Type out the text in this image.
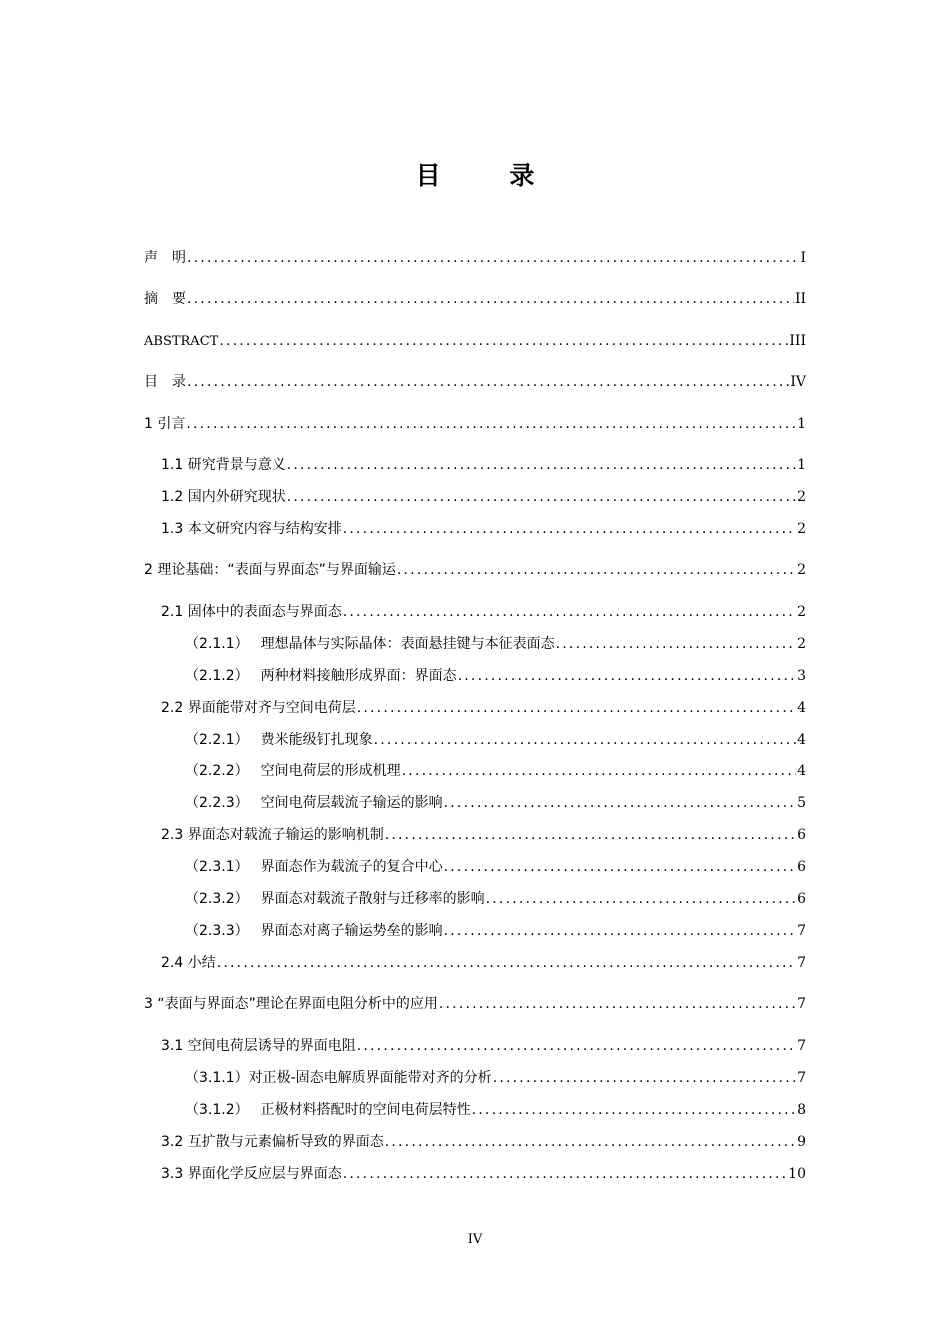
目 录
声　明 .....	I
摘　要 .....	II
ABSTRACT .....	III
目　录 .....	IV
1 引言 .....	1
1.1 研究背景与意义 .....	1
1.2 国内外研究现状 .....	2
1.3 本文研究内容与结构安排 .....	2
2 理论基础：“表面与界面态”与界面输运 .....	2
2.1 固体中的表面态与界面态 .....	2
（2.1.1） 理想晶体与实际晶体：表面悬挂键与本征表面态 .....	2
（2.1.2） 两种材料接触形成界面：界面态 .....	3
2.2 界面能带对齐与空间电荷层 .....	4
（2.2.1） 费米能级钉扎现象 .....	4
（2.2.2） 空间电荷层的形成机理 .....	4
（2.2.3） 空间电荷层载流子输运的影响 .....	5
2.3 界面态对载流子输运的影响机制 .....	6
（2.3.1） 界面态作为载流子的复合中心 .....	6
（2.3.2） 界面态对载流子散射与迁移率的影响 .....	6
（2.3.3） 界面态对离子输运势垒的影响 .....	7
2.4 小结 .....	7
3 “表面与界面态”理论在界面电阻分析中的应用 .....	7
3.1 空间电荷层诱导的界面电阻 .....	7
（3.1.1） 对正极-固态电解质界面能带对齐的分析 .....	7
（3.1.2） 正极材料搭配时的空间电荷层特性 .....	8
3.2 互扩散与元素偏析导致的界面态 .....	9
3.3 界面化学反应层与界面态 .....	10
IV
